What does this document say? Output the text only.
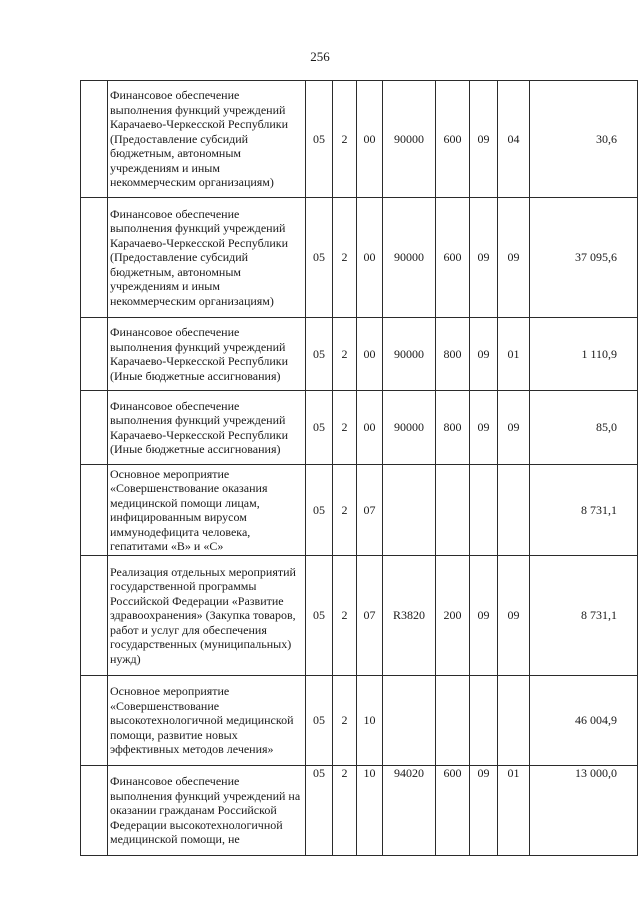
256

	Финансовое обеспечение выполнения функций учреждений Карачаево-Черкесской Республики (Предоставление субсидий бюджетным, автономным учреждениям и иным некоммерческим организациям)	05	2	00	90000	600	09	04	30,6

	Финансовое обеспечение выполнения функций учреждений Карачаево-Черкесской Республики (Предоставление субсидий бюджетным, автономным учреждениям и иным некоммерческим организациям)	05	2	00	90000	600	09	09	37 095,6

	Финансовое обеспечение выполнения функций учреждений Карачаево-Черкесской Республики (Иные бюджетные ассигнования)	05	2	00	90000	800	09	01	1 110,9

	Финансовое обеспечение выполнения функций учреждений Карачаево-Черкесской Республики (Иные бюджетные ассигнования)	05	2	00	90000	800	09	09	85,0

	Основное мероприятие «Совершенствование оказания медицинской помощи лицам, инфицированным вирусом иммунодефицита человека, гепатитами «В» и «С»	05	2	07					8 731,1

	Реализация отдельных мероприятий государственной программы Российской Федерации «Развитие здравоохранения» (Закупка товаров, работ и услуг для обеспечения государственных (муниципальных) нужд)	05	2	07	R3820	200	09	09	8 731,1

	Основное мероприятие «Совершенствование высокотехнологичной медицинской помощи, развитие новых эффективных методов лечения»	05	2	10					46 004,9

	Финансовое обеспечение выполнения функций учреждений на оказании гражданам Российской Федерации высокотехнологичной медицинской помощи, не	05	2	10	94020	600	09	01	13 000,0
